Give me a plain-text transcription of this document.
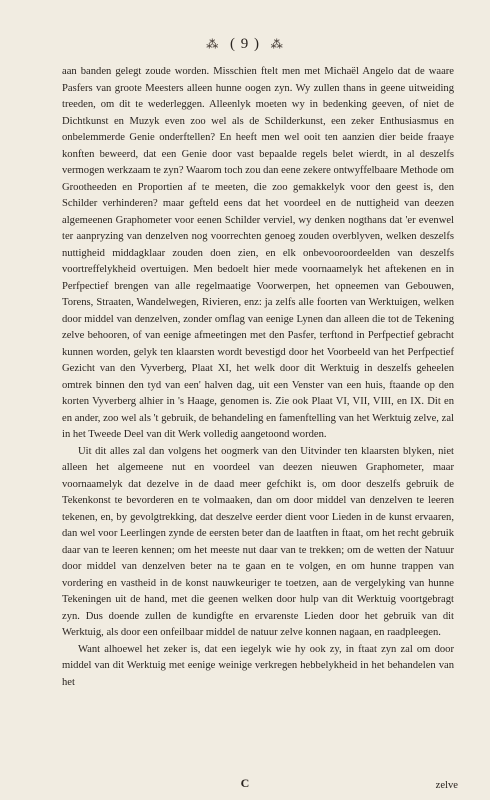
⁂ ( 9 ) ⁂

aan banden gelegt zoude worden. Misschien ftelt men met Michaël Angelo dat de waare Pasfers van groote Meesters alleen hunne oogen zyn. Wy zullen thans in geene uitweiding treeden, om dit te wederleggen. Alleenlyk moeten wy in bedenking geeven, of niet de Dichtkunst en Muzyk even zoo wel als de Schilderkunst, een zeker Enthusiasmus en onbelemmerde Genie onderftellen? En heeft men wel ooit ten aanzien dier beide fraaye konften beweerd, dat een Genie door vast bepaalde regels belet wierdt, in al deszelfs vermogen werkzaam te zyn? Waarom toch zou dan eene zekere ontwyffelbaare Methode om Grootheeden en Proportien af te meeten, die zoo gemakkelyk voor den geest is, den Schilder verhinderen? maar gefteld eens dat het voordeel en de nuttigheid van deezen algemeenen Graphometer voor eenen Schilder verviel, wy denken nogthans dat 'er evenwel ter aanpryzing van denzelven nog voorrechten genoeg zouden overblyven, welken deszelfs nuttigheid middagklaar zouden doen zien, en elk onbevooroordeelden van deszelfs voortreffelykheid overtuigen. Men bedoelt hier mede voornaamelyk het aftekenen en in Perfpectief brengen van alle regelmaatige Voorwerpen, het opneemen van Gebouwen, Torens, Straaten, Wandelwegen, Rivieren, enz: ja zelfs alle foorten van Werktuigen, welken door middel van denzelven, zonder omflag van eenige Lynen dan alleen die tot de Tekening zelve behooren, of van eenige afmeetingen met den Pasfer, terftond in Perfpectief gebracht kunnen worden, gelyk ten klaarsten wordt bevestigd door het Voorbeeld van het Perfpectief Gezicht van den Vyverberg, Plaat XI, het welk door dit Werktuig in deszelfs geheelen omtrek binnen den tyd van een' halven dag, uit een Venster van een huis, ftaande op den korten Vyverberg alhier in 's Haage, genomen is. Zie ook Plaat VI, VII, VIII, en IX. Dit en en ander, zoo wel als 't gebruik, de behandeling en famenftelling van het Werktuig zelve, zal in het Tweede Deel van dit Werk volledig aangetoond worden.

Uit dit alles zal dan volgens het oogmerk van den Uitvinder ten klaarsten blyken, niet alleen het algemeene nut en voordeel van deezen nieuwen Graphometer, maar voornaamelyk dat dezelve in de daad meer gefchikt is, om door deszelfs gebruik de Tekenkonst te bevorderen en te volmaaken, dan om door middel van denzelven te leeren tekenen, en, by gevolgtrekking, dat deszelve eerder dient voor Lieden in de kunst ervaaren, dan wel voor Leerlingen zynde de eersten beter dan de laatften in ftaat, om het recht gebruik daar van te leeren kennen; om het meeste nut daar van te trekken; om de wetten der Natuur door middel van denzelven beter na te gaan en te volgen, en om hunne trappen van vordering en vastheid in de konst nauwkeuriger te toetzen, aan de vergelyking van hunne Tekeningen uit de hand, met die geenen welken door hulp van dit Werktuig voortgebragt zyn. Dus doende zullen de kundigfte en ervarenste Lieden door het gebruik van dit Werktuig, als door een onfeilbaar middel de natuur zelve konnen nagaan, en raadpleegen.

Want alhoewel het zeker is, dat een iegelyk wie hy ook zy, in ftaat zyn zal om door middel van dit Werktuig met eenige weinige verkregen hebbelykheid in het behandelen van het

C	zelve
